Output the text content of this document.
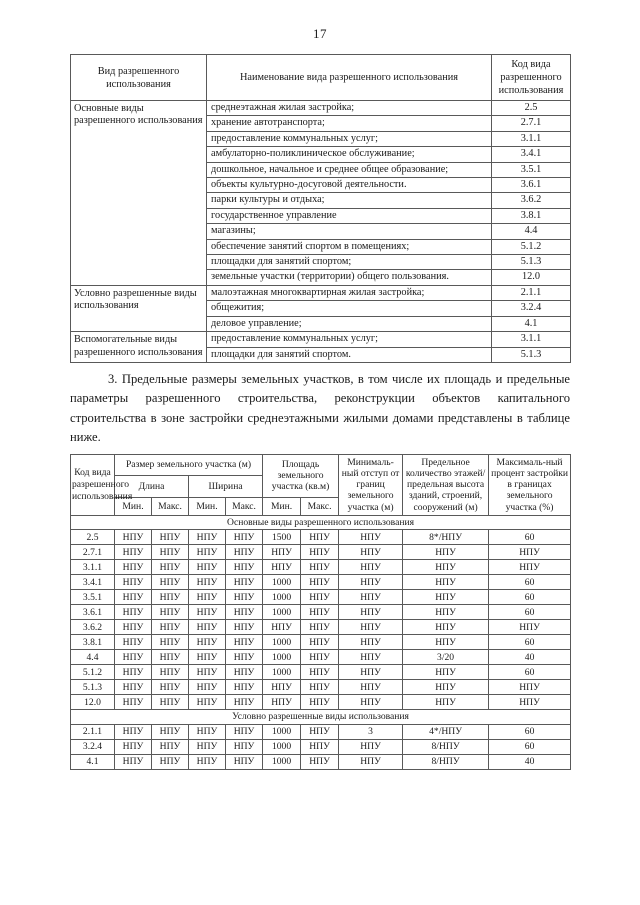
17
Вид разрешенного использования	Наименование вида разрешенного использования	Код вида разрешенного использования
Основные виды разрешенного использования	среднеэтажная жилая застройка;	2.5
	хранение автотранспорта;	2.7.1
	предоставление коммунальных услуг;	3.1.1
	амбулаторно-поликлиническое обслуживание;	3.4.1
	дошкольное, начальное и среднее общее образование;	3.5.1
	объекты культурно-досуговой деятельности.	3.6.1
	парки культуры и отдыха;	3.6.2
	государственное управление	3.8.1
	магазины;	4.4
	обеспечение занятий спортом в помещениях;	5.1.2
	площадки для занятий спортом;	5.1.3
	земельные участки (территории) общего пользования.	12.0
Условно разрешенные виды использования	малоэтажная многоквартирная жилая застройка;	2.1.1
	общежития;	3.2.4
	деловое управление;	4.1
Вспомогательные виды разрешенного использования	предоставление коммунальных услуг;	3.1.1
	площадки для занятий спортом.	5.1.3

3. Предельные размеры земельных участков, в том числе их площадь и предельные параметры разрешенного строительства, реконструкции объектов капитального строительства в зоне застройки среднеэтажными жилыми домами представлены в таблице ниже.

Код вида разрешенного использования	Размер земельного участка (м)				Площадь земельного участка (кв.м)		Минималь-ный отступ от границ земельного участка (м)	Предельное количество этажей/ предельная высота зданий, строений, сооружений (м)	Максималь-ный процент застройки в границах земельного участка (%)
	Длина		Ширина						
	Мин.	Макс.	Мин.	Макс.	Мин.	Макс.			
Основные виды разрешенного использования									
2.5	НПУ	НПУ	НПУ	НПУ	1500	НПУ	НПУ	8*/НПУ	60
2.7.1	НПУ	НПУ	НПУ	НПУ	НПУ	НПУ	НПУ	НПУ	НПУ
3.1.1	НПУ	НПУ	НПУ	НПУ	НПУ	НПУ	НПУ	НПУ	НПУ
3.4.1	НПУ	НПУ	НПУ	НПУ	1000	НПУ	НПУ	НПУ	60
3.5.1	НПУ	НПУ	НПУ	НПУ	1000	НПУ	НПУ	НПУ	60
3.6.1	НПУ	НПУ	НПУ	НПУ	1000	НПУ	НПУ	НПУ	60
3.6.2	НПУ	НПУ	НПУ	НПУ	НПУ	НПУ	НПУ	НПУ	НПУ
3.8.1	НПУ	НПУ	НПУ	НПУ	1000	НПУ	НПУ	НПУ	60
4.4	НПУ	НПУ	НПУ	НПУ	1000	НПУ	НПУ	3/20	40
5.1.2	НПУ	НПУ	НПУ	НПУ	1000	НПУ	НПУ	НПУ	60
5.1.3	НПУ	НПУ	НПУ	НПУ	НПУ	НПУ	НПУ	НПУ	НПУ
12.0	НПУ	НПУ	НПУ	НПУ	НПУ	НПУ	НПУ	НПУ	НПУ
Условно разрешенные виды использования									
2.1.1	НПУ	НПУ	НПУ	НПУ	1000	НПУ	3	4*/НПУ	60
3.2.4	НПУ	НПУ	НПУ	НПУ	1000	НПУ	НПУ	8/НПУ	60
4.1	НПУ	НПУ	НПУ	НПУ	1000	НПУ	НПУ	8/НПУ	40
